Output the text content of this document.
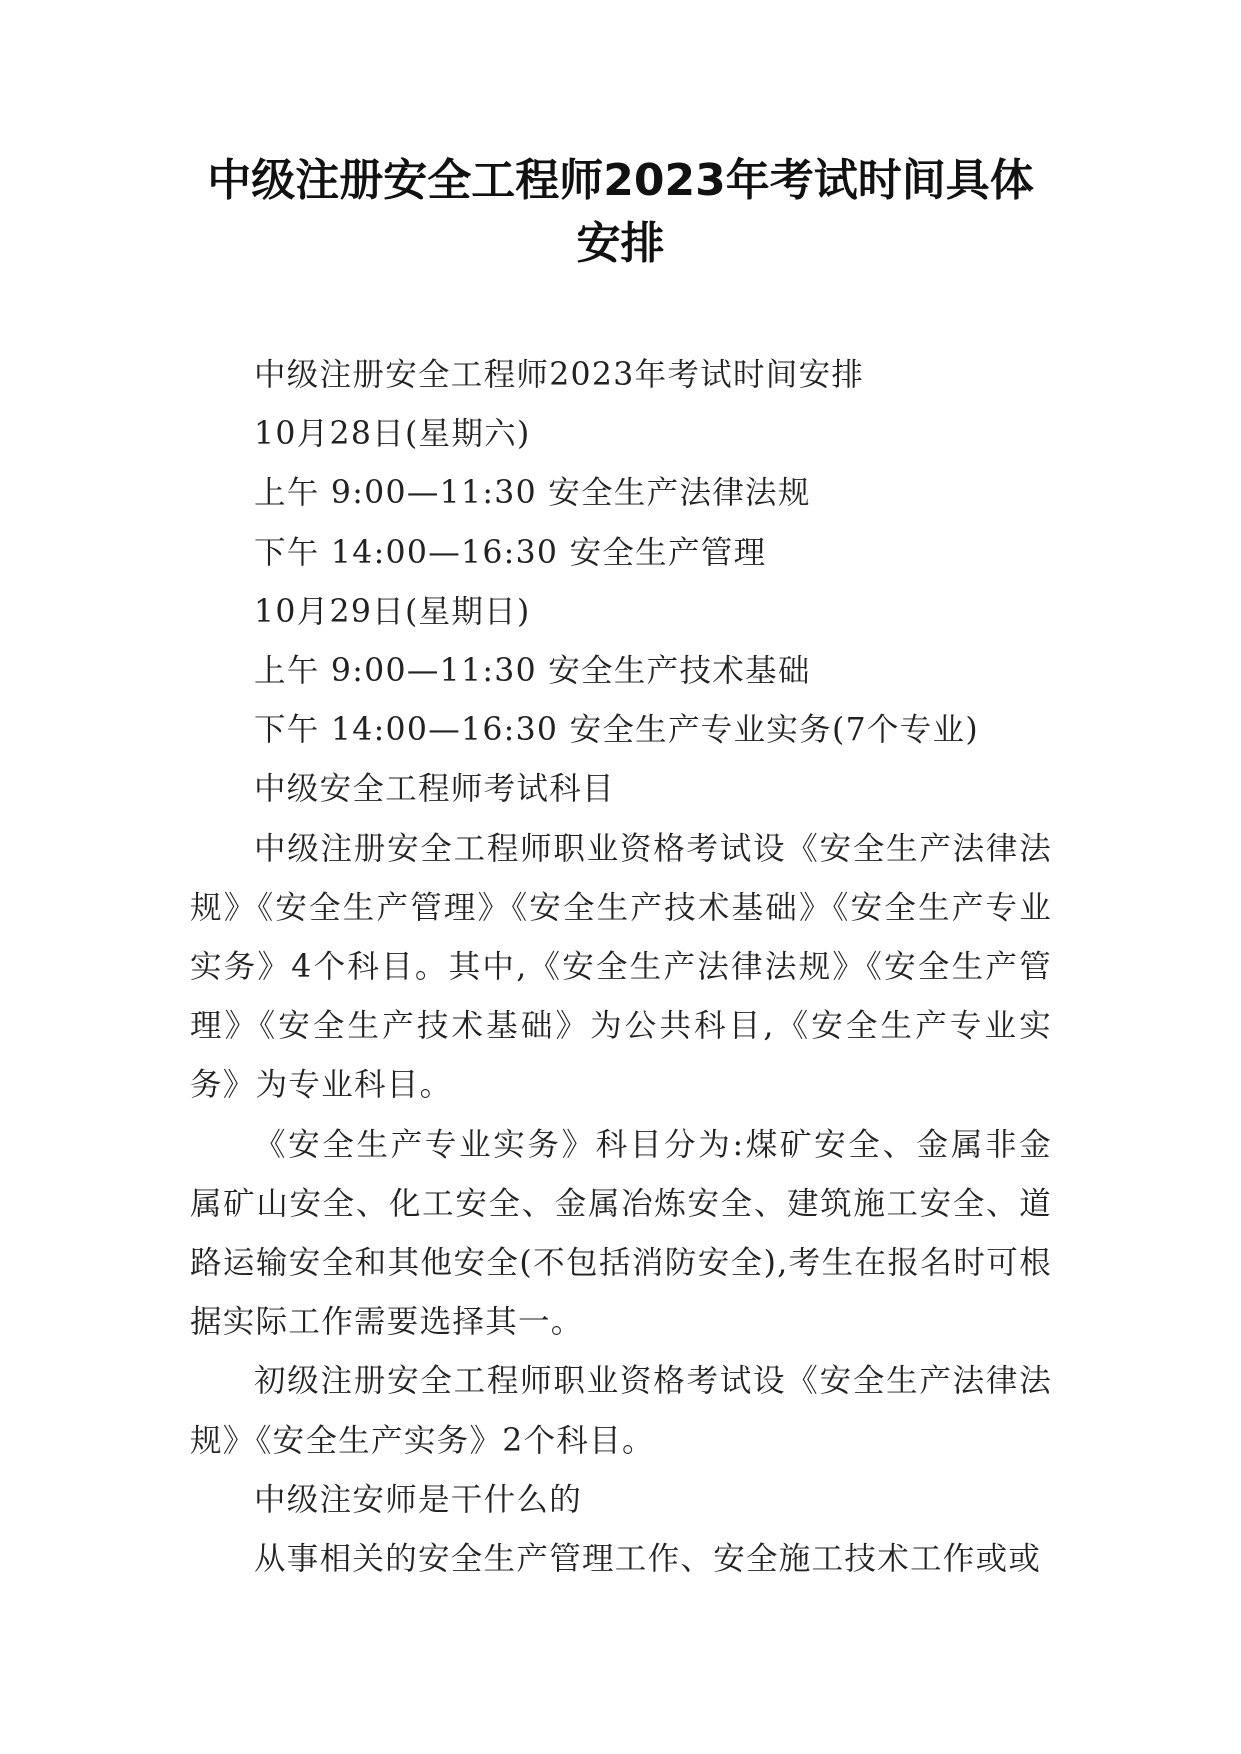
中级注册安全工程师2023年考试时间具体
安排

中级注册安全工程师2023年考试时间安排

10月28日(星期六)

上午 9:00—11:30 安全生产法律法规

下午 14:00—16:30 安全生产管理

10月29日(星期日)

上午 9:00—11:30 安全生产技术基础

下午 14:00—16:30 安全生产专业实务(7个专业)

中级安全工程师考试科目

中级注册安全工程师职业资格考试设《安全生产法律法规》《安全生产管理》《安全生产技术基础》《安全生产专业实务》4个科目。其中,《安全生产法律法规》《安全生产管理》《安全生产技术基础》为公共科目,《安全生产专业实务》为专业科目。

《安全生产专业实务》科目分为:煤矿安全、金属非金属矿山安全、化工安全、金属冶炼安全、建筑施工安全、道路运输安全和其他安全(不包括消防安全),考生在报名时可根据实际工作需要选择其一。

初级注册安全工程师职业资格考试设《安全生产法律法规》《安全生产实务》2个科目。

中级注安师是干什么的

从事相关的安全生产管理工作、安全施工技术工作或或
